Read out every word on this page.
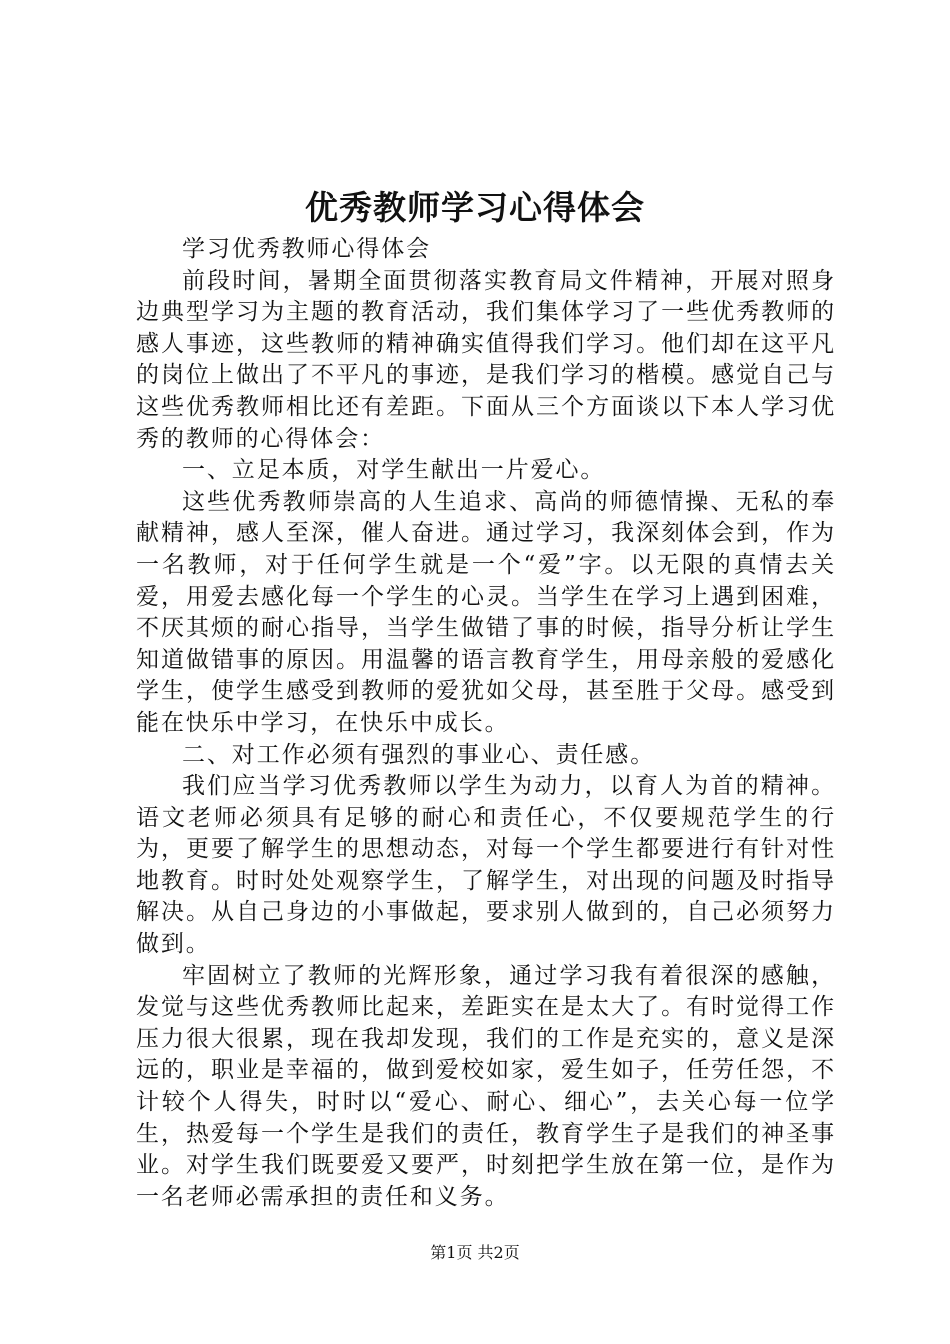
优秀教师学习心得体会

学习优秀教师心得体会

前段时间，暑期全面贯彻落实教育局文件精神，开展对照身边典型学习为主题的教育活动，我们集体学习了一些优秀教师的感人事迹，这些教师的精神确实值得我们学习。他们却在这平凡的岗位上做出了不平凡的事迹，是我们学习的楷模。感觉自己与这些优秀教师相比还有差距。下面从三个方面谈以下本人学习优秀的教师的心得体会：

一、立足本质，对学生献出一片爱心。

这些优秀教师崇高的人生追求、高尚的师德情操、无私的奉献精神，感人至深，催人奋进。通过学习，我深刻体会到，作为一名教师，对于任何学生就是一个“爱”字。以无限的真情去关爱，用爱去感化每一个学生的心灵。当学生在学习上遇到困难，不厌其烦的耐心指导，当学生做错了事的时候，指导分析让学生知道做错事的原因。用温馨的语言教育学生，用母亲般的爱感化学生，使学生感受到教师的爱犹如父母，甚至胜于父母。感受到能在快乐中学习，在快乐中成长。

二、对工作必须有强烈的事业心、责任感。

我们应当学习优秀教师以学生为动力，以育人为首的精神。语文老师必须具有足够的耐心和责任心，不仅要规范学生的行为，更要了解学生的思想动态，对每一个学生都要进行有针对性地教育。时时处处观察学生，了解学生，对出现的问题及时指导解决。从自己身边的小事做起，要求别人做到的，自己必须努力做到。

牢固树立了教师的光辉形象，通过学习我有着很深的感触，发觉与这些优秀教师比起来，差距实在是太大了。有时觉得工作压力很大很累，现在我却发现，我们的工作是充实的，意义是深远的，职业是幸福的，做到爱校如家，爱生如子，任劳任怨，不计较个人得失，时时以“爱心、耐心、细心”，去关心每一位学生，热爱每一个学生是我们的责任，教育学生子是我们的神圣事业。对学生我们既要爱又要严，时刻把学生放在第一位，是作为一名老师必需承担的责任和义务。

第1页 共2页
